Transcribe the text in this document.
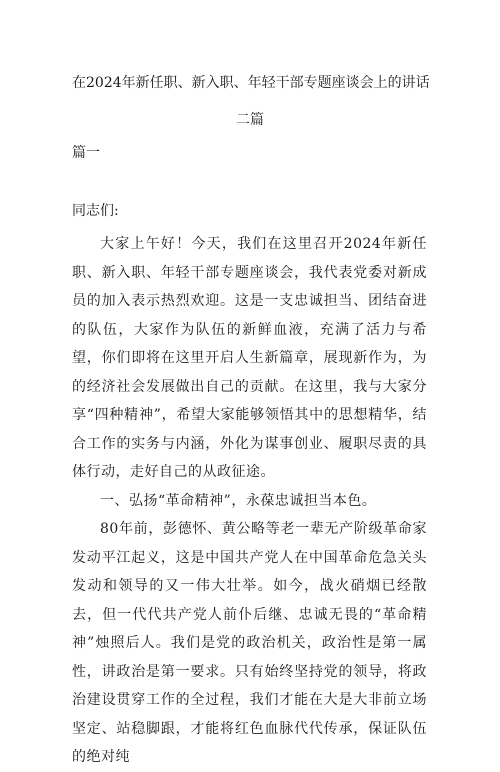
在2024年新任职、新入职、年轻干部专题座谈会上的讲话
二篇
篇一
同志们:

大家上午好！今天，我们在这里召开2024年新任职、新入职、年轻干部专题座谈会，我代表党委对新成员的加入表示热烈欢迎。这是一支忠诚担当、团结奋进的队伍，大家作为队伍的新鲜血液，充满了活力与希望，你们即将在这里开启人生新篇章，展现新作为，为的经济社会发展做出自己的贡献。在这里，我与大家分享“四种精神”，希望大家能够领悟其中的思想精华，结合工作的实务与内涵，外化为谋事创业、履职尽责的具体行动，走好自己的从政征途。

一、弘扬“革命精神”，永葆忠诚担当本色。

80年前，彭德怀、黄公略等老一辈无产阶级革命家发动平江起义，这是中国共产党人在中国革命危急关头发动和领导的又一伟大壮举。如今，战火硝烟已经散去，但一代代共产党人前仆后继、忠诚无畏的“革命精神”烛照后人。我们是党的政治机关，政治性是第一属性，讲政治是第一要求。只有始终坚持党的领导，将政治建设贯穿工作的全过程，我们才能在大是大非前立场坚定、站稳脚跟，才能将红色血脉代代传承，保证队伍的绝对纯
